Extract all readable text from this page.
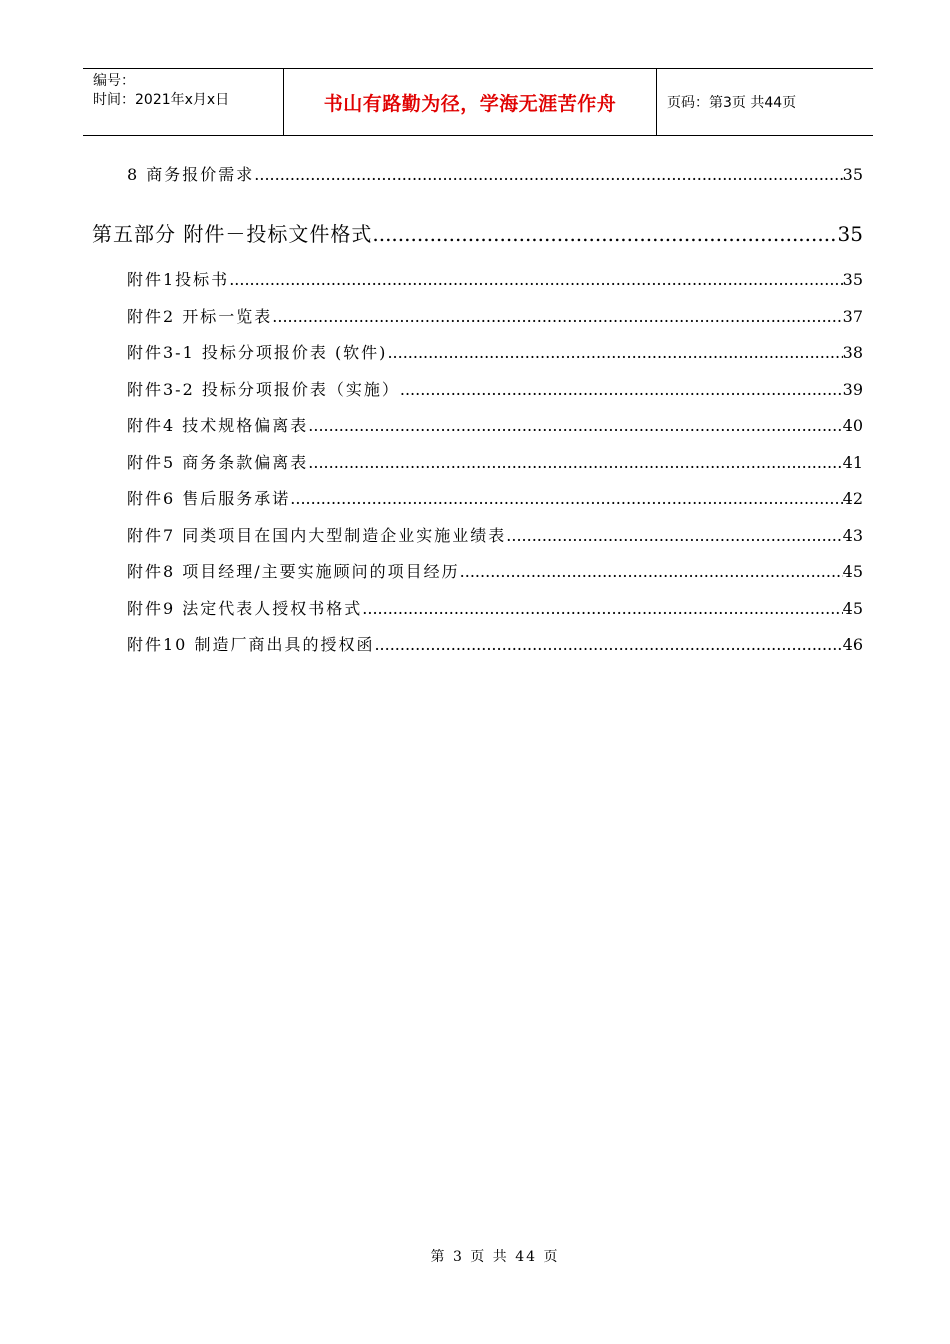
编号：
时间：2021年x月x日	书山有路勤为径，学海无涯苦作舟	页码：第3页 共44页
8 商务报价需求 .....	35
第五部分 附件－投标文件格式 .....	35
附件1投标书 .....	35
附件2 开标一览表 .....	37
附件3-1 投标分项报价表 (软件) .....	38
附件3-2 投标分项报价表（实施） .....	39
附件4 技术规格偏离表 .....	40
附件5 商务条款偏离表 .....	41
附件6 售后服务承诺 .....	42
附件7 同类项目在国内大型制造企业实施业绩表 .....	43
附件8 项目经理/主要实施顾问的项目经历 .....	45
附件9 法定代表人授权书格式 .....	45
附件10 制造厂商出具的授权函 .....	46
第 3 页 共 44 页
